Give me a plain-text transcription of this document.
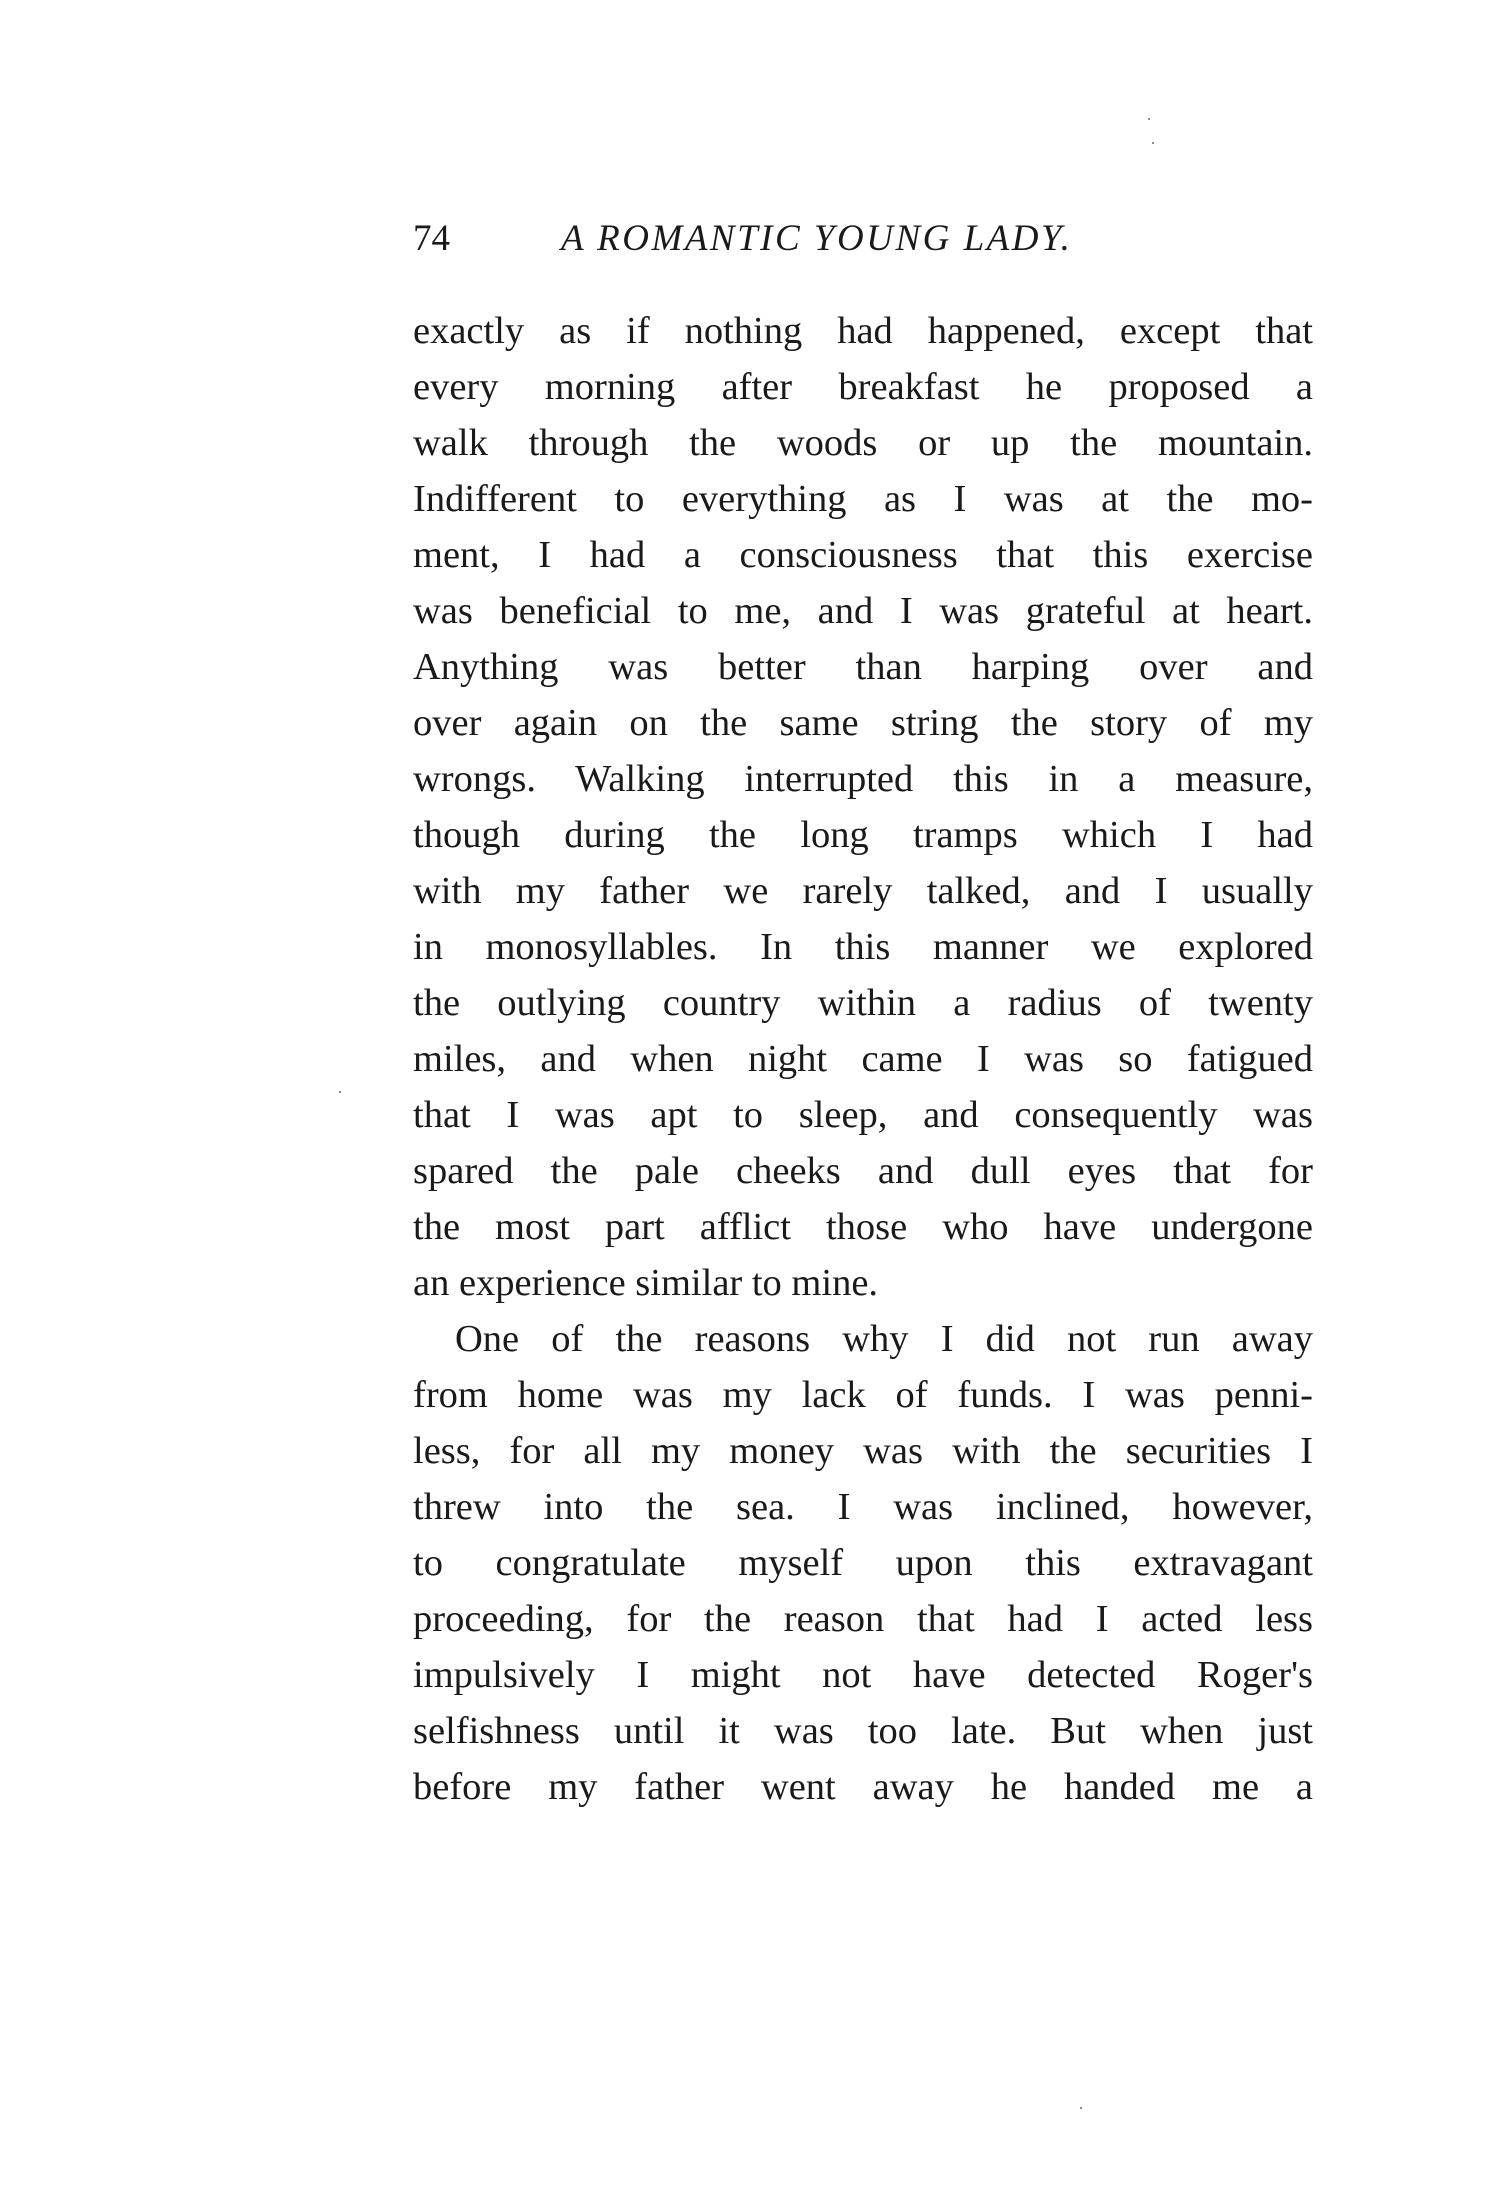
74	A ROMANTIC YOUNG LADY.
exactly as if nothing had happened, except that
every morning after breakfast he proposed a
walk through the woods or up the mountain.
Indifferent to everything as I was at the mo-
ment, I had a consciousness that this exercise
was beneficial to me, and I was grateful at heart.
Anything was better than harping over and
over again on the same string the story of my
wrongs. Walking interrupted this in a measure,
though during the long tramps which I had
with my father we rarely talked, and I usually
in monosyllables. In this manner we explored
the outlying country within a radius of twenty
miles, and when night came I was so fatigued
that I was apt to sleep, and consequently was
spared the pale cheeks and dull eyes that for
the most part afflict those who have undergone
an experience similar to mine.
One of the reasons why I did not run away
from home was my lack of funds. I was penni-
less, for all my money was with the securities I
threw into the sea. I was inclined, however,
to congratulate myself upon this extravagant
proceeding, for the reason that had I acted less
impulsively I might not have detected Roger's
selfishness until it was too late. But when just
before my father went away he handed me a
